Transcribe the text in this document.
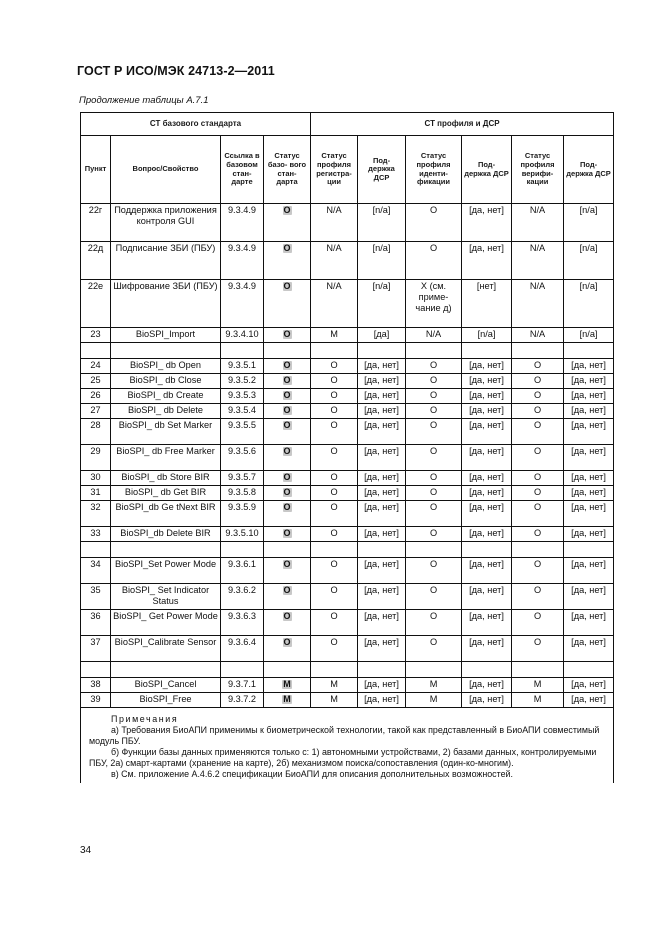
ГОСТ Р ИСО/МЭК 24713-2—2011
Продолжение таблицы А.7.1
СТ базового стандарта				СТ профиля и ДСР					
Пункт	Вопрос/Свойство	Ссылка в базовом стан- дарте	Статус базо- вого стан- дарта	Статус профиля регистра- ции	Под- держка ДСР	Статус профиля иденти- фикации	Под- держка ДСР	Статус профиля верифи- кации	Под- держка ДСР
22г	Поддержка приложения контроля GUI	9.3.4.9	O	N/A	[n/a]	O	[да, нет]	N/A	[n/a]
22д	Подписание ЗБИ (ПБУ)	9.3.4.9	O	N/A	[n/a]	O	[да, нет]	N/A	[n/a]
22е	Шифрование ЗБИ (ПБУ)	9.3.4.9	O	N/A	[n/a]	X (см. приме- чание д)	[нет]	N/A	[n/a]
23	BioSPI_Import	9.3.4.10	O	M	[да]	N/A	[n/a]	N/A	[n/a]

24	BioSPI_ db Open	9.3.5.1	O	O	[да, нет]	O	[да, нет]	O	[да, нет]
25	BioSPI_ db Close	9.3.5.2	O	O	[да, нет]	O	[да, нет]	O	[да, нет]
26	BioSPI_ db Create	9.3.5.3	O	O	[да, нет]	O	[да, нет]	O	[да, нет]
27	BioSPI_ db Delete	9.3.5.4	O	O	[да, нет]	O	[да, нет]	O	[да, нет]
28	BioSPI_ db Set Marker	9.3.5.5	O	O	[да, нет]	O	[да, нет]	O	[да, нет]
29	BioSPI_ db Free Marker	9.3.5.6	O	O	[да, нет]	O	[да, нет]	O	[да, нет]
30	BioSPI_ db Store BIR	9.3.5.7	O	O	[да, нет]	O	[да, нет]	O	[да, нет]
31	BioSPI_ db Get BIR	9.3.5.8	O	O	[да, нет]	O	[да, нет]	O	[да, нет]
32	BioSPI_db Ge tNext BIR	9.3.5.9	O	O	[да, нет]	O	[да, нет]	O	[да, нет]
33	BioSPI_db Delete BIR	9.3.5.10	O	O	[да, нет]	O	[да, нет]	O	[да, нет]

34	BioSPI_Set Power Mode	9.3.6.1	O	O	[да, нет]	O	[да, нет]	O	[да, нет]
35	BioSPI_ Set Indicator Status	9.3.6.2	O	O	[да, нет]	O	[да, нет]	O	[да, нет]
36	BioSPI_ Get Power Mode	9.3.6.3	O	O	[да, нет]	O	[да, нет]	O	[да, нет]
37	BioSPI_Calibrate Sensor	9.3.6.4	O	O	[да, нет]	O	[да, нет]	O	[да, нет]

38	BioSPI_Cancel	9.3.7.1	M	M	[да, нет]	M	[да, нет]	M	[да, нет]
39	BioSPI_Free	9.3.7.2	M	M	[да, нет]	M	[да, нет]	M	[да, нет]

Примечания

а) Требования БиоАПИ применимы к биометрической технологии, такой как представленный в БиоАПИ совместимый модуль ПБУ.

б) Функции базы данных применяются только с: 1) автономными устройствами, 2) базами данных, контролируемыми ПБУ, 2а) смарт-картами (хранение на карте), 2б) механизмом поиска/сопоставления (один-ко-многим).

в) См. приложение А.4.6.2 спецификации БиоАПИ для описания дополнительных возможностей.									

34
